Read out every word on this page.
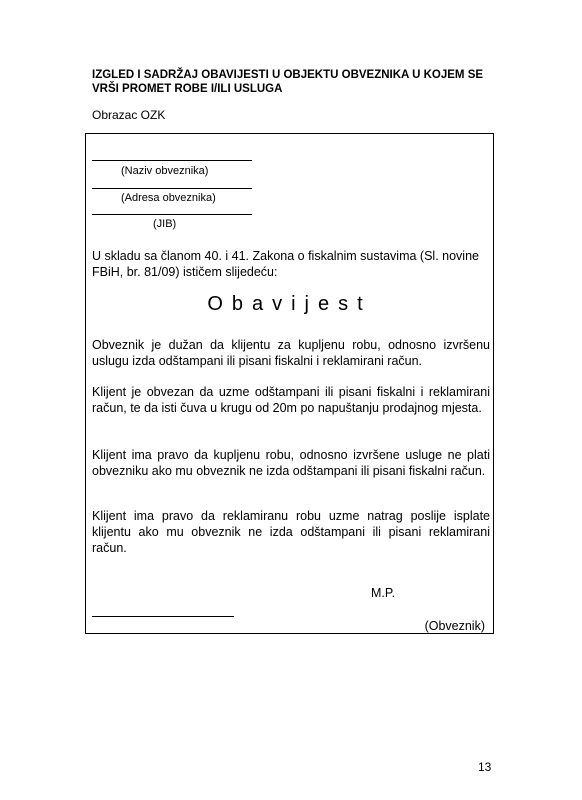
IZGLED I SADRŽAJ OBAVIJESTI U OBJEKTU OBVEZNIKA U KOJEM SE
VRŠI PROMET ROBE I/ILI USLUGA
Obrazac OZK
(Naziv obveznika)
(Adresa obveznika)
(JIB)

U skladu sa članom 40. i 41. Zakona o fiskalnim sustavima (Sl. novine FBiH, br. 81/09) ističem slijedeću:

Obavijest

Obveznik je dužan da klijentu za kupljenu robu, odnosno izvršenu uslugu izda odštampani ili pisani fiskalni i reklamirani račun.

Klijent je obvezan da uzme odštampani ili pisani fiskalni i reklamirani račun, te da isti čuva u krugu od 20m po napuštanju prodajnog mjesta.

Klijent ima pravo da kupljenu robu, odnosno izvršene usluge ne plati obvezniku ako mu obveznik ne izda odštampani ili pisani fiskalni račun.

Klijent ima pravo da reklamiranu robu uzme natrag poslije isplate klijentu ako mu obveznik ne izda odštampani ili pisani reklamirani račun.

M.P.
(Obveznik)
13
